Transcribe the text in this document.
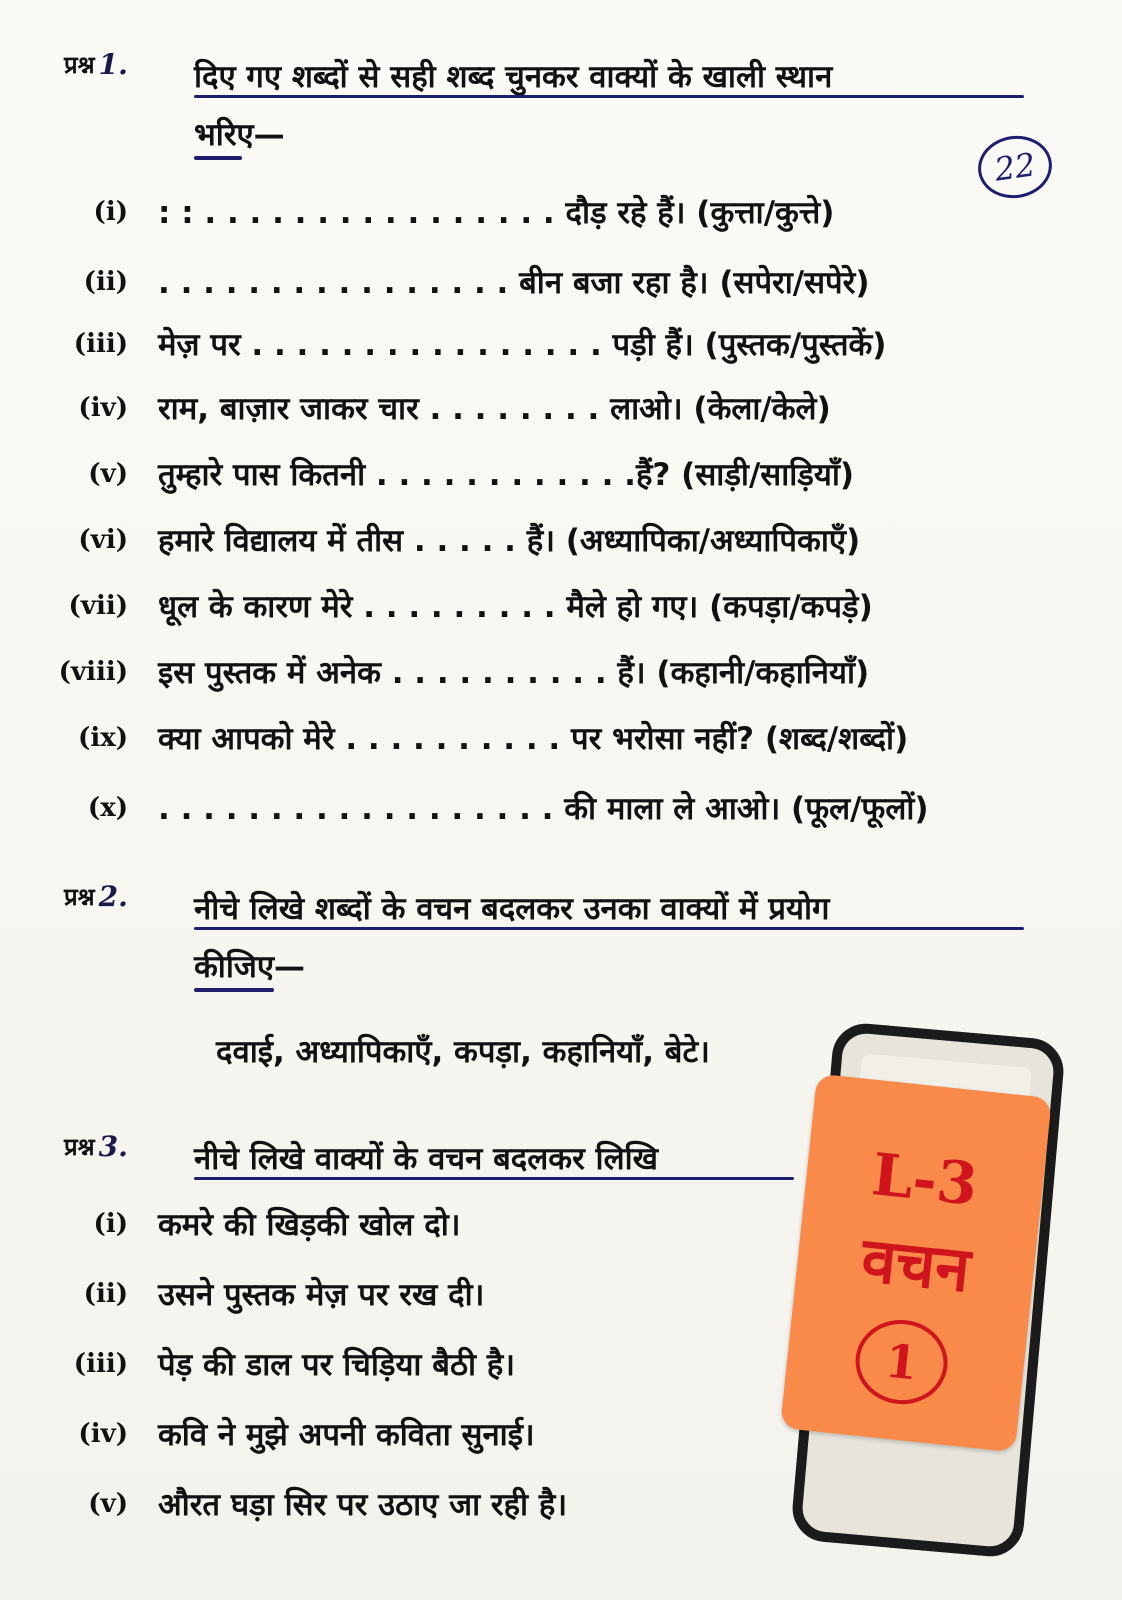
प्रश्न 1. दिए गए शब्दों से सही शब्द चुनकर वाक्यों के खाली स्थान
भरिए—
22
(i) : : . . . . . . . . . . . . . . . . दौड़ रहे हैं। (कुत्ता/कुत्ते)
(ii) . . . . . . . . . . . . . . . . बीन बजा रहा है। (सपेरा/सपेरे)
(iii) मेज़ पर . . . . . . . . . . . . . . . . पड़ी हैं। (पुस्तक/पुस्तकें)
(iv) राम, बाज़ार जाकर चार . . . . . . . . लाओ। (केला/केले)
(v) तुम्हारे पास कितनी . . . . . . . . . . . .हैं? (साड़ी/साड़ियाँ)
(vi) हमारे विद्यालय में तीस . . . . . हैं। (अध्यापिका/अध्यापिकाएँ)
(vii) धूल के कारण मेरे . . . . . . . . . मैले हो गए। (कपड़ा/कपड़े)
(viii) इस पुस्तक में अनेक . . . . . . . . . . हैं। (कहानी/कहानियाँ)
(ix) क्या आपको मेरे . . . . . . . . . . पर भरोसा नहीं? (शब्द/शब्दों)
(x) . . . . . . . . . . . . . . . . . . की माला ले आओ। (फूल/फूलों)
प्रश्न 2. नीचे लिखे शब्दों के वचन बदलकर उनका वाक्यों में प्रयोग
कीजिए—
दवाई, अध्यापिकाएँ, कपड़ा, कहानियाँ, बेटे।
प्रश्न 3. नीचे लिखे वाक्यों के वचन बदलकर लिखि
(i) कमरे की खिड़की खोल दो।
(ii) उसने पुस्तक मेज़ पर रख दी।
(iii) पेड़ की डाल पर चिड़िया बैठी है।
(iv) कवि ने मुझे अपनी कविता सुनाई।
(v) औरत घड़ा सिर पर उठाए जा रही है।
L-3
वचन
1
